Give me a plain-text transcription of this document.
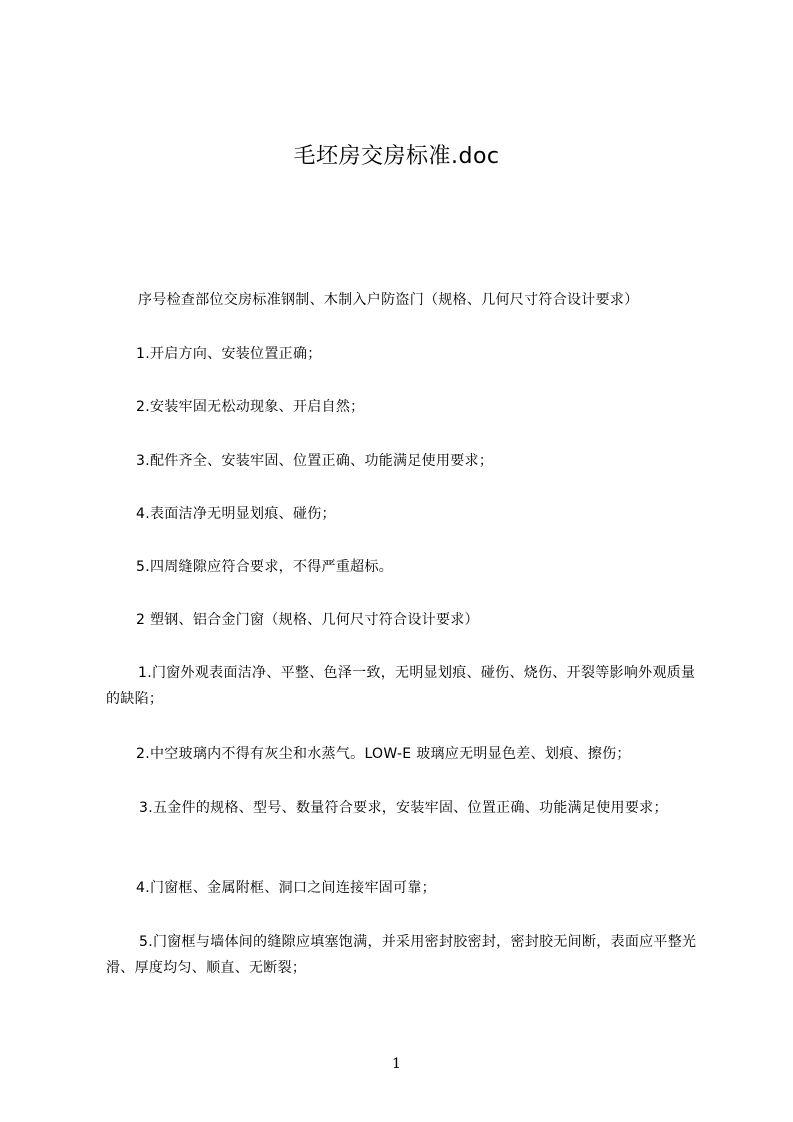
毛坯房交房标准.doc

序号检查部位交房标准钢制、木制入户防盗门（规格、几何尺寸符合设计要求）

1.开启方向、安装位置正确；

2.安装牢固无松动现象、开启自然；

3.配件齐全、安装牢固、位置正确、功能满足使用要求；

4.表面洁净无明显划痕、碰伤；

5.四周缝隙应符合要求，不得严重超标。

2 塑钢、铝合金门窗（规格、几何尺寸符合设计要求）

1.门窗外观表面洁净、平整、色泽一致，无明显划痕、碰伤、烧伤、开裂等影响外观质量的缺陷；

2.中空玻璃内不得有灰尘和水蒸气。LOW-E 玻璃应无明显色差、划痕、擦伤；

3.五金件的规格、型号、数量符合要求，安装牢固、位置正确、功能满足使用要求；

4.门窗框、金属附框、洞口之间连接牢固可靠；

5.门窗框与墙体间的缝隙应填塞饱满，并采用密封胶密封，密封胶无间断，表面应平整光滑、厚度均匀、顺直、无断裂；

1
